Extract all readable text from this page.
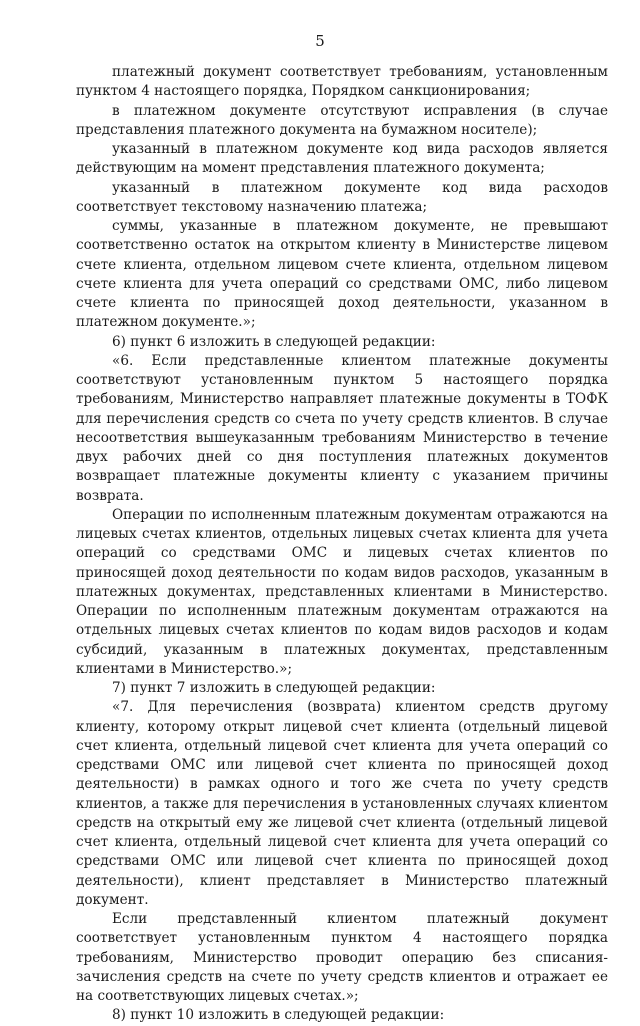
5

платежный документ соответствует требованиям, установленным пунктом 4 настоящего порядка, Порядком санкционирования;

в платежном документе отсутствуют исправления (в случае представления платежного документа на бумажном носителе);

указанный в платежном документе код вида расходов является действующим на момент представления платежного документа;

указанный в платежном документе код вида расходов соответствует текстовому назначению платежа;

суммы, указанные в платежном документе, не превышают соответственно остаток на открытом клиенту в Министерстве лицевом счете клиента, отдельном лицевом счете клиента, отдельном лицевом счете клиента для учета операций со средствами ОМС, либо лицевом счете клиента по приносящей доход деятельности, указанном в платежном документе.»;

6) пункт 6 изложить в следующей редакции:

«6. Если представленные клиентом платежные документы соответствуют установленным пунктом 5 настоящего порядка требованиям, Министерство направляет платежные документы в ТОФК для перечисления средств со счета по учету средств клиентов. В случае несоответствия вышеуказанным требованиям Министерство в течение двух рабочих дней со дня поступления платежных документов возвращает платежные документы клиенту с указанием причины возврата.

Операции по исполненным платежным документам отражаются на лицевых счетах клиентов, отдельных лицевых счетах клиента для учета операций со средствами ОМС и лицевых счетах клиентов по приносящей доход деятельности по кодам видов расходов, указанным в платежных документах, представленных клиентами в Министерство. Операции по исполненным платежным документам отражаются на отдельных лицевых счетах клиентов по кодам видов расходов и кодам субсидий, указанным в платежных документах, представленным клиентами в Министерство.»;

7) пункт 7 изложить в следующей редакции:

«7. Для перечисления (возврата) клиентом средств другому клиенту, которому открыт лицевой счет клиента (отдельный лицевой счет клиента, отдельный лицевой счет клиента для учета операций со средствами ОМС или лицевой счет клиента по приносящей доход деятельности) в рамках одного и того же счета по учету средств клиентов, а также для перечисления в установленных случаях клиентом средств на открытый ему же лицевой счет клиента (отдельный лицевой счет клиента, отдельный лицевой счет клиента для учета операций со средствами ОМС или лицевой счет клиента по приносящей доход деятельности), клиент представляет в Министерство платежный документ.

Если представленный клиентом платежный документ соответствует установленным пунктом 4 настоящего порядка требованиям, Министерство проводит операцию без списания-зачисления средств на счете по учету средств клиентов и отражает ее на соответствующих лицевых счетах.»;

8) пункт 10 изложить в следующей редакции:
